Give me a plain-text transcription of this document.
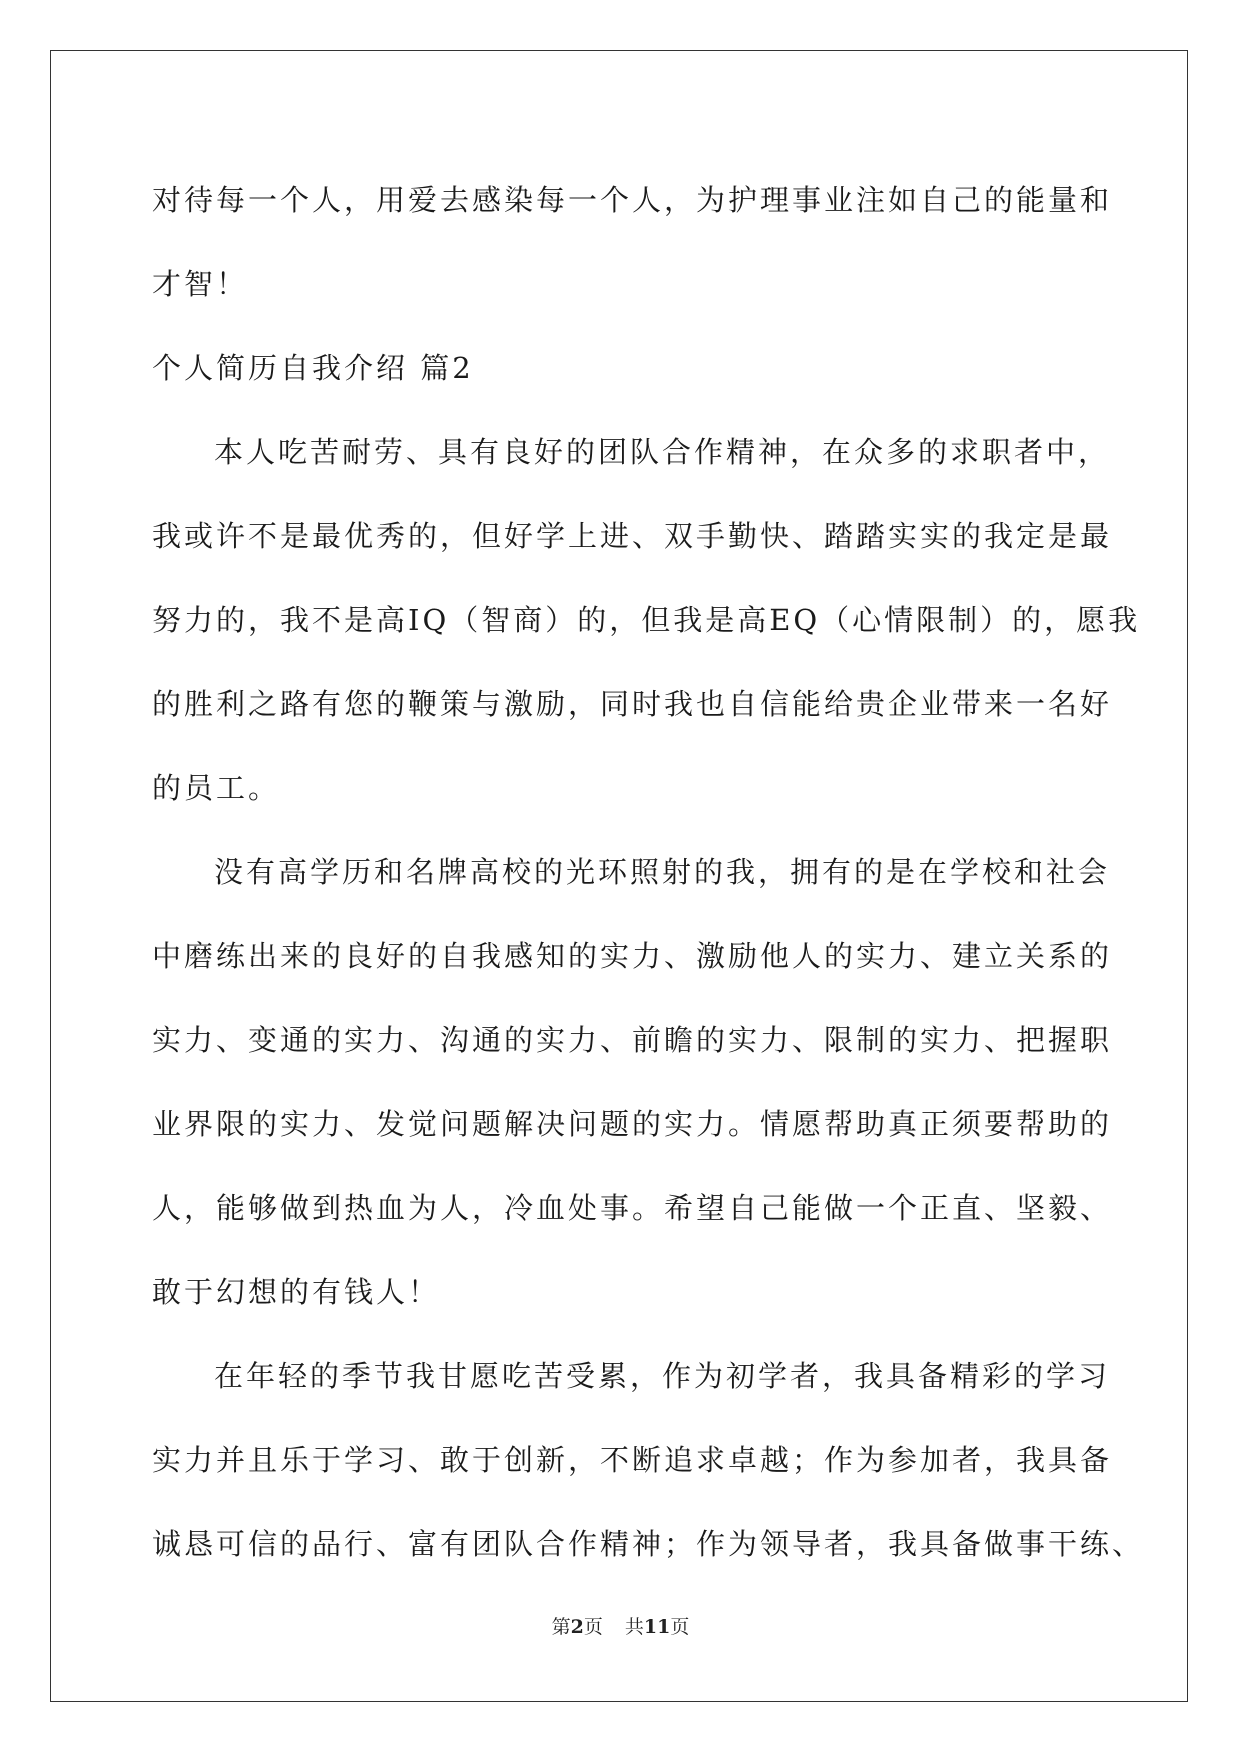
对待每一个人，用爱去感染每一个人，为护理事业注如自己的能量和
才智！
个人简历自我介绍 篇2
本人吃苦耐劳、具有良好的团队合作精神，在众多的求职者中，
我或许不是最优秀的，但好学上进、双手勤快、踏踏实实的我定是最
努力的，我不是高IQ（智商）的，但我是高EQ（心情限制）的，愿我
的胜利之路有您的鞭策与激励，同时我也自信能给贵企业带来一名好
的员工。
没有高学历和名牌高校的光环照射的我，拥有的是在学校和社会
中磨练出来的良好的自我感知的实力、激励他人的实力、建立关系的
实力、变通的实力、沟通的实力、前瞻的实力、限制的实力、把握职
业界限的实力、发觉问题解决问题的实力。情愿帮助真正须要帮助的
人，能够做到热血为人，冷血处事。希望自己能做一个正直、坚毅、
敢于幻想的有钱人！
在年轻的季节我甘愿吃苦受累，作为初学者，我具备精彩的学习
实力并且乐于学习、敢于创新，不断追求卓越；作为参加者，我具备
诚恳可信的品行、富有团队合作精神；作为领导者，我具备做事干练、
第2页 共11页
